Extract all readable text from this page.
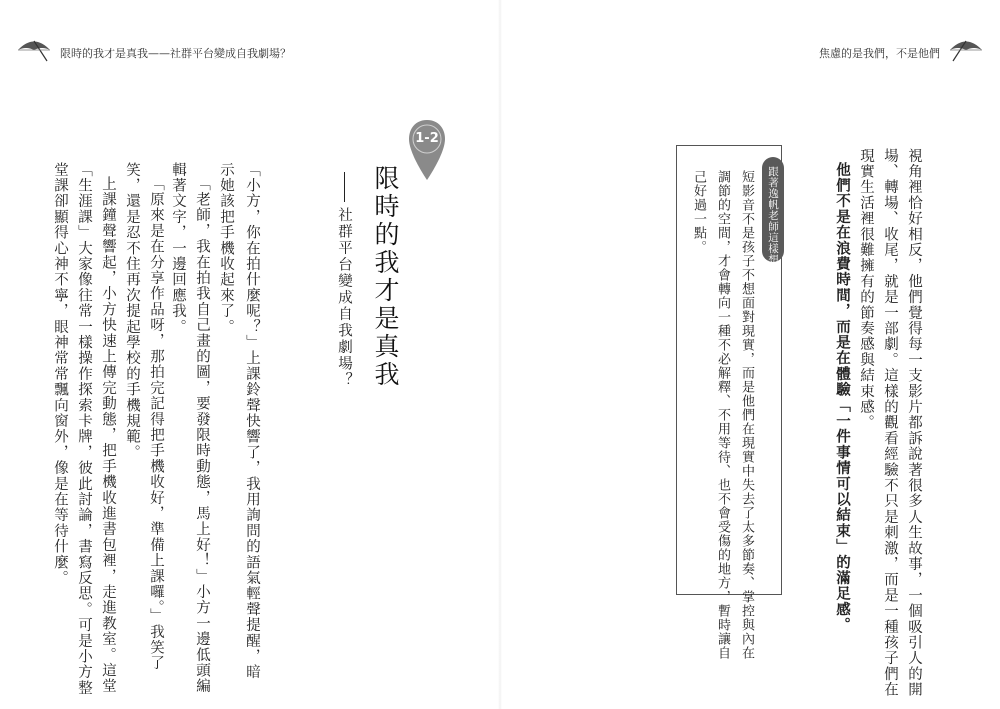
限時的我才是真我——社群平台變成自我劇場？
1-2
限時的我才是真我
社群平台變成自我劇場？
「小方，你在拍什麼呢？」上課鈴聲快響了，我用詢問的語氣輕聲提醒，暗
示她該把手機收起來了。
「老師，我在拍我自己畫的圖，要發限時動態，馬上好！」小方一邊低頭編
輯著文字，一邊回應我。
「原來是在分享作品呀，那拍完記得把手機收好，準備上課囉。」我笑了
笑，還是忍不住再次提起學校的手機規範。
上課鐘聲響起，小方快速上傳完動態，把手機收進書包裡，走進教室。這堂
「生涯課」大家像往常一樣操作探索卡牌，彼此討論，書寫反思。可是小方整
堂課卻顯得心神不寧，眼神常常飄向窗外，像是在等待什麼。
焦慮的是我們，不是他們
視角裡恰好相反，他們覺得每一支影片都訴說著很多人生故事，一個吸引人的開
場、轉場、收尾，就是一部劇。這樣的觀看經驗不只是刺激，而是一種孩子們在
現實生活裡很難擁有的節奏感與結束感。
他們不是在浪費時間，而是在體驗「一件事情可以結束」的滿足感。
跟著逸帆老師這樣想
短影音不是孩子不想面對現實，而是他們在現實中失去了太多節奏、掌控與內在
調節的空間，才會轉向一種不必解釋、不用等待、也不會受傷的地方，暫時讓自
己好過一點。
